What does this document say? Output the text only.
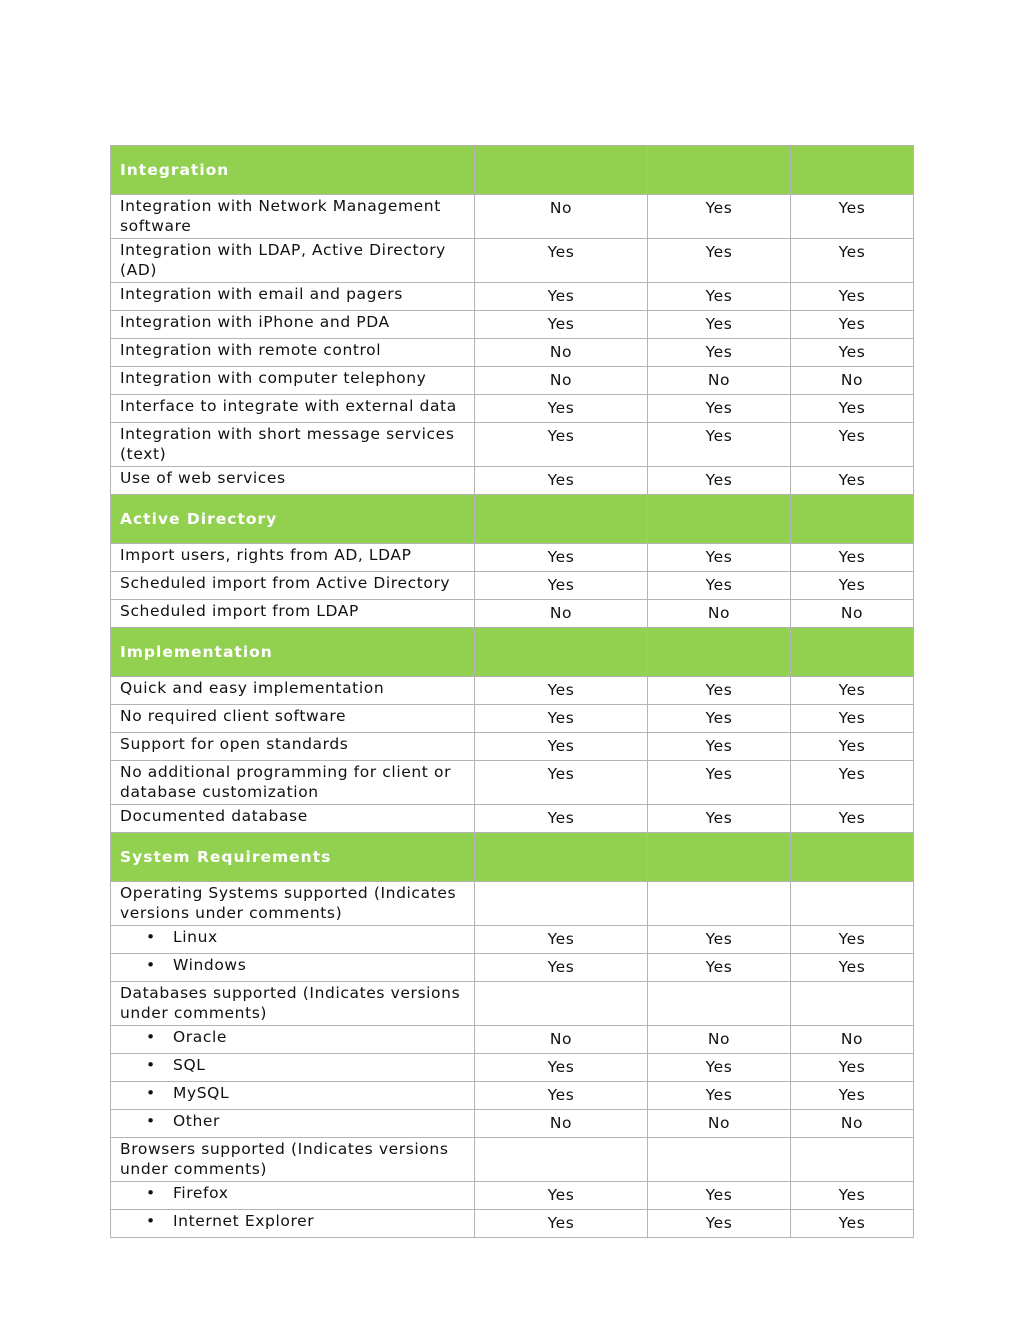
Integration			
Integration with Network Management software	No	Yes	Yes
Integration with LDAP, Active Directory (AD)	Yes	Yes	Yes
Integration with email and pagers	Yes	Yes	Yes
Integration with iPhone and PDA	Yes	Yes	Yes
Integration with remote control	No	Yes	Yes
Integration with computer telephony	No	No	No
Interface to integrate with external data	Yes	Yes	Yes
Integration with short message services (text)	Yes	Yes	Yes
Use of web services	Yes	Yes	Yes
Active Directory			
Import users, rights from AD, LDAP	Yes	Yes	Yes
Scheduled import from Active Directory	Yes	Yes	Yes
Scheduled import from LDAP	No	No	No
Implementation			
Quick and easy implementation	Yes	Yes	Yes
No required client software	Yes	Yes	Yes
Support for open standards	Yes	Yes	Yes
No additional programming for client or database customization	Yes	Yes	Yes
Documented database	Yes	Yes	Yes
System Requirements			
Operating Systems supported (Indicates versions under comments)			
• Linux	Yes	Yes	Yes
• Windows	Yes	Yes	Yes
Databases supported (Indicates versions under comments)			
• Oracle	No	No	No
• SQL	Yes	Yes	Yes
• MySQL	Yes	Yes	Yes
• Other	No	No	No
Browsers supported (Indicates versions under comments)			
• Firefox	Yes	Yes	Yes
• Internet Explorer	Yes	Yes	Yes
